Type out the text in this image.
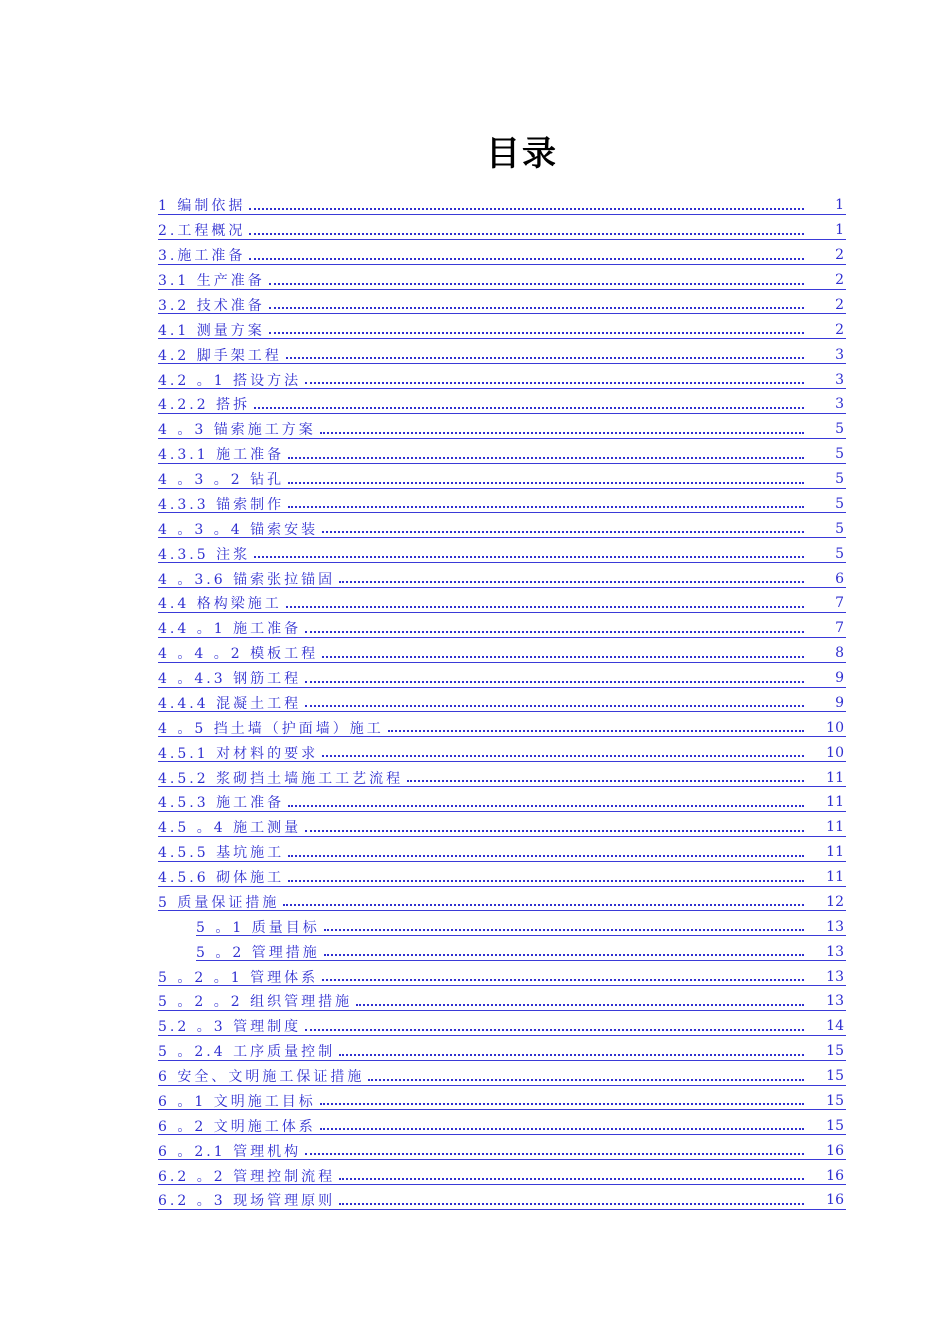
目录
1 编制依据	1
2.工程概况	1
3.施工准备	2
3.1 生产准备	2
3.2 技术准备	2
4.1 测量方案	2
4.2 脚手架工程	3
4.2 。1 搭设方法	3
4.2.2 搭拆	3
4 。3 锚索施工方案	5
4.3.1 施工准备	5
4 。3 。2 钻孔	5
4.3.3 锚索制作	5
4 。3 。4 锚索安装	5
4.3.5 注浆	5
4 。3.6 锚索张拉锚固	6
4.4 格构梁施工	7
4.4 。1 施工准备	7
4 。4 。2 模板工程	8
4 。4.3 钢筋工程	9
4.4.4 混凝土工程	9
4 。5 挡土墙（护面墙）施工	10
4.5.1 对材料的要求	10
4.5.2 浆砌挡土墙施工工艺流程	11
4.5.3 施工准备	11
4.5 。4 施工测量	11
4.5.5 基坑施工	11
4.5.6 砌体施工	11
5 质量保证措施	12
5 。1 质量目标	13
5 。2 管理措施	13
5 。2 。1 管理体系	13
5 。2 。2 组织管理措施	13
5.2 。3 管理制度	14
5 。2.4 工序质量控制	15
6 安全、文明施工保证措施	15
6 。1 文明施工目标	15
6 。2 文明施工体系	15
6 。2.1 管理机构	16
6.2 。2 管理控制流程	16
6.2 。3 现场管理原则	16
